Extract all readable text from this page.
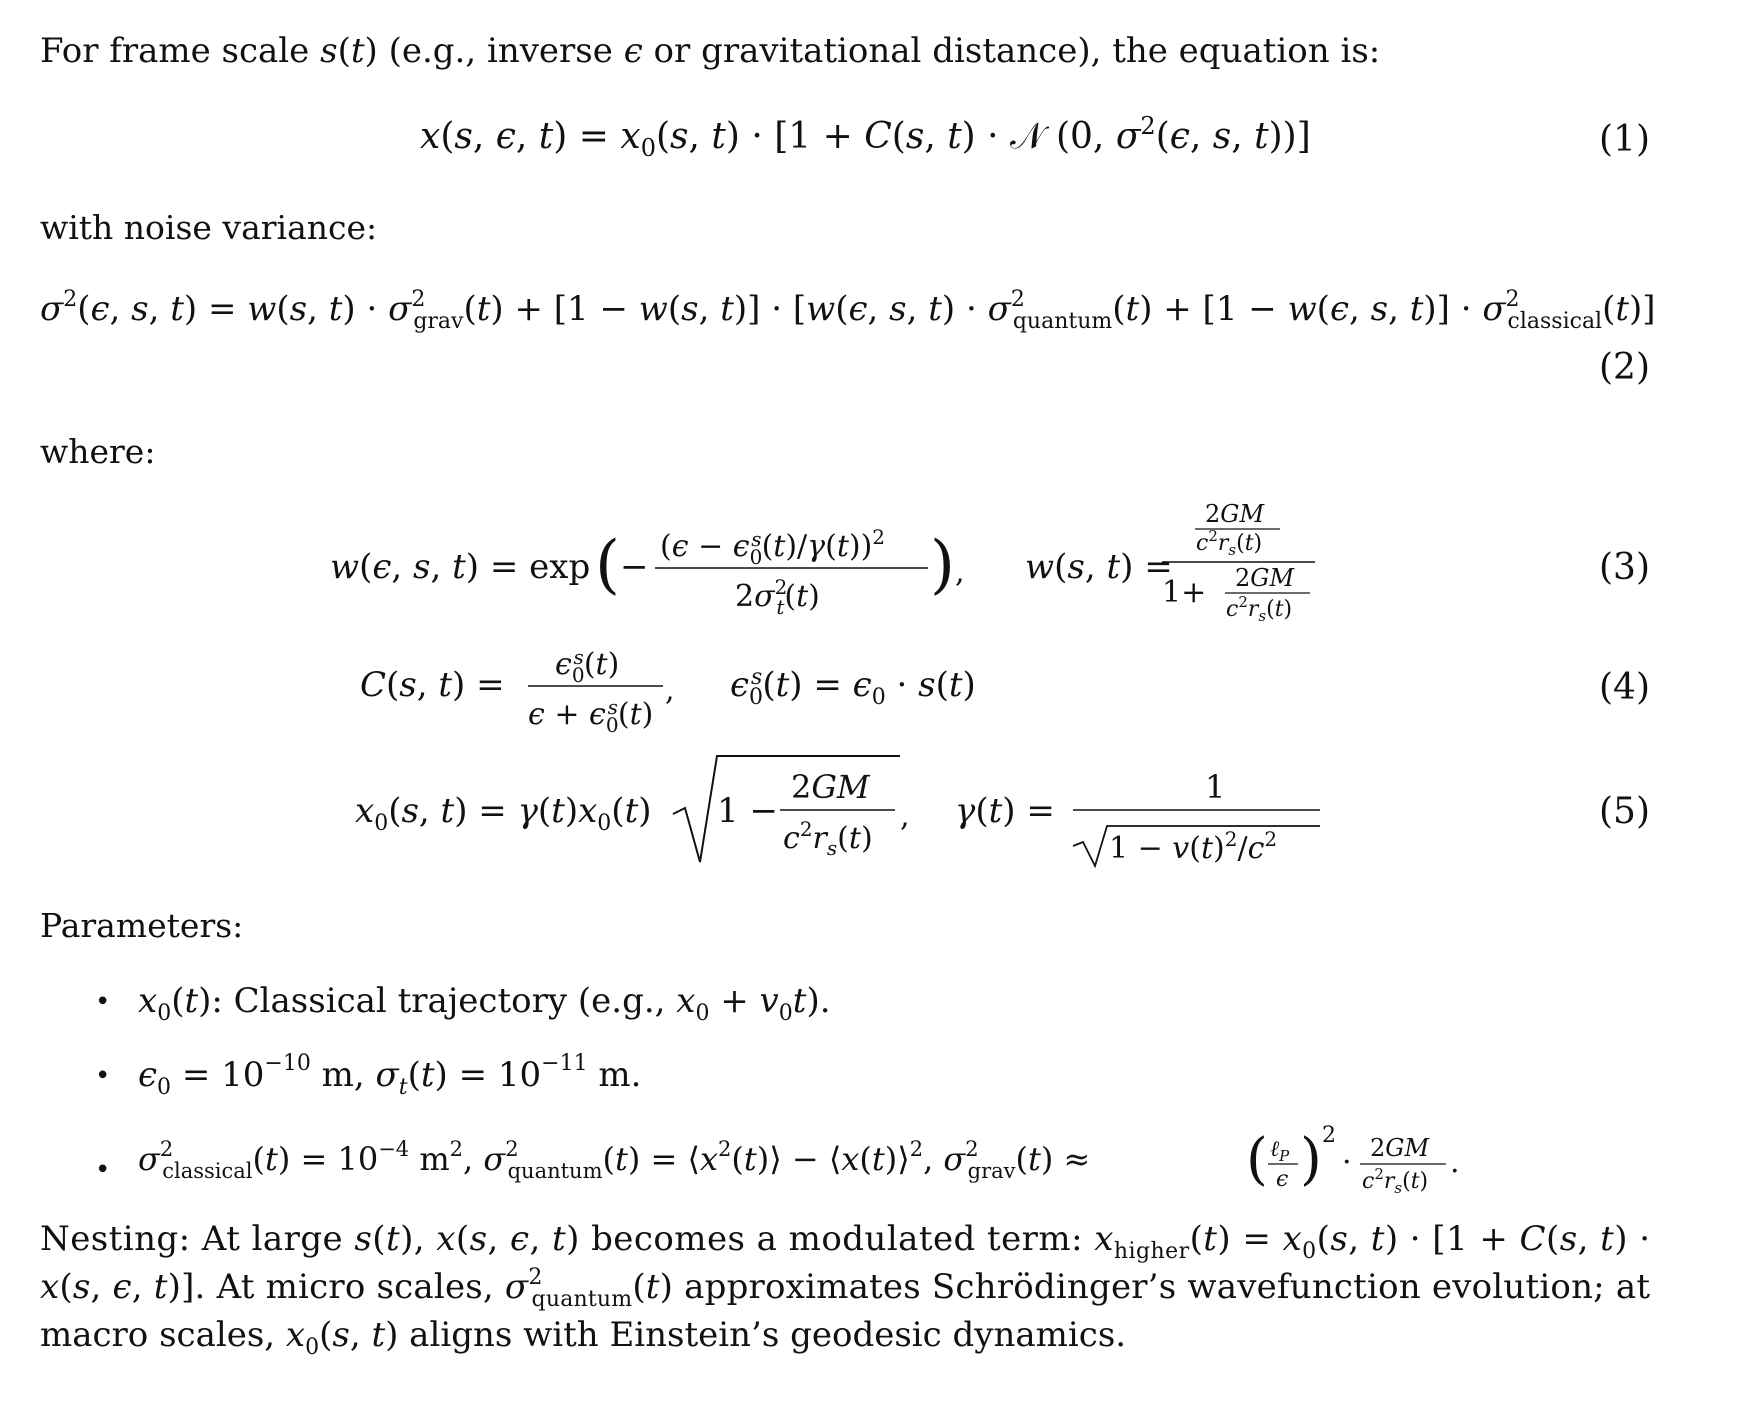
For frame scale s(t) (e.g., inverse ϵ or gravitational distance), the equation is:
x(s, ϵ, $t) = x_0(s$, t) · [1 + C(s, t) · 𝒩 (0, $\sigma^2(\epsilon$, s, t))]	(1)
with noise variance:
$\sigma^2(\epsilon$, s, t) = w(s, $t) \cdot \sigma^2$ grav(t) + [1 − w(s, t)] · [w(ϵ, s, $t) \cdot \sigma^2$ quantum(t) + [1 − w(ϵ, s, $t)] \cdot \sigma^2$ classical(t)]
(2)
where:
w(ϵ, s, t) = exp ( −
$(\epsilon - \epsilon_0s(t)/\gamma(t))^2$
$2\sigma^2$ t(t) ) , w(s, t) =
2GM
$c^2r_s(t)$
1+ 2GM
$c^2r_s(t)$
(3)
C(s, t) =
$\epsilon_0s(t)$
$\epsilon + \epsilon_0s(t)$
, $\epsilon_0s(t) = \epsilon_0 \cdot s(t)$	(4)
$x_0(s$, $t) = \gamma(t)x_0(t) 1$ −
2GM
$c^2r_s(t)$
, γ(t) =
1
$1 - v(t)^2/c^2$
(5)
Parameters:
• $x_0(t)$: Classical trajectory (e.g., $x_0 + v_0t$).
• $\epsilon_0 = 10^{-10}$ m, $\sigma_t(t) = 10^{-11}$ m.
• $\sigma^2$ classical(t) = $10^{-4}$ $m^2$, $\sigma^2$ quantum(t) = $⟨x^2(t)⟩$ − ⟨x(t)⟩$^2$, $\sigma^2$ grav(t) ≈	( ℓ$_P$
ϵ ) 2
· 2GM
$c^2r_s(t)$
.
Nesting: At large s(t), x(s, ϵ, t) becomes a modulated term: $x_{higher}(t) = x_0(s$, t) · [1 + C(s, t) ·
x(s, ϵ, t)]. At micro scales, $\sigma^2$ quantum(t) approximates Schrödinger’s wavefunction evolution; at
macro scales, $x_0(s$, t) aligns with Einstein’s geodesic dynamics.
